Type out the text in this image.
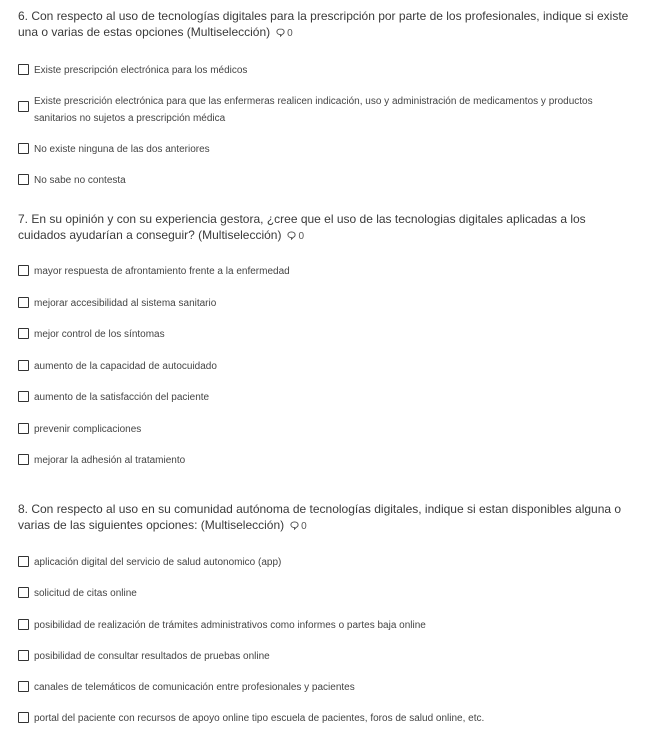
6. Con respecto al uso de tecnologías digitales para la prescripción por parte de los profesionales, indique si existe una o varias de estas opciones (Multiselección) 0

Existe prescripción electrónica para los médicos
Existe prescrición electrónica para que las enfermeras realicen indicación, uso y administración de medicamentos y productos sanitarios no sujetos a prescripción médica
No existe ninguna de las dos anteriores
No sabe no contesta

7. En su opinión y con su experiencia gestora, ¿cree que el uso de las tecnologias digitales aplicadas a los cuidados ayudarían a conseguir? (Multiselección) 0

mayor respuesta de afrontamiento frente a la enfermedad
mejorar accesibilidad al sistema sanitario
mejor control de los síntomas
aumento de la capacidad de autocuidado
aumento de la satisfacción del paciente
prevenir complicaciones
mejorar la adhesión al tratamiento

8. Con respecto al uso en su comunidad autónoma de tecnologías digitales, indique si estan disponibles alguna o varias de las siguientes opciones: (Multiselección) 0

aplicación digital del servicio de salud autonomico (app)
solicitud de citas online
posibilidad de realización de trámites administrativos como informes o partes baja online
posibilidad de consultar resultados de pruebas online
canales de telemáticos de comunicación entre profesionales y pacientes
portal del paciente con recursos de apoyo online tipo escuela de pacientes, foros de salud online, etc.
